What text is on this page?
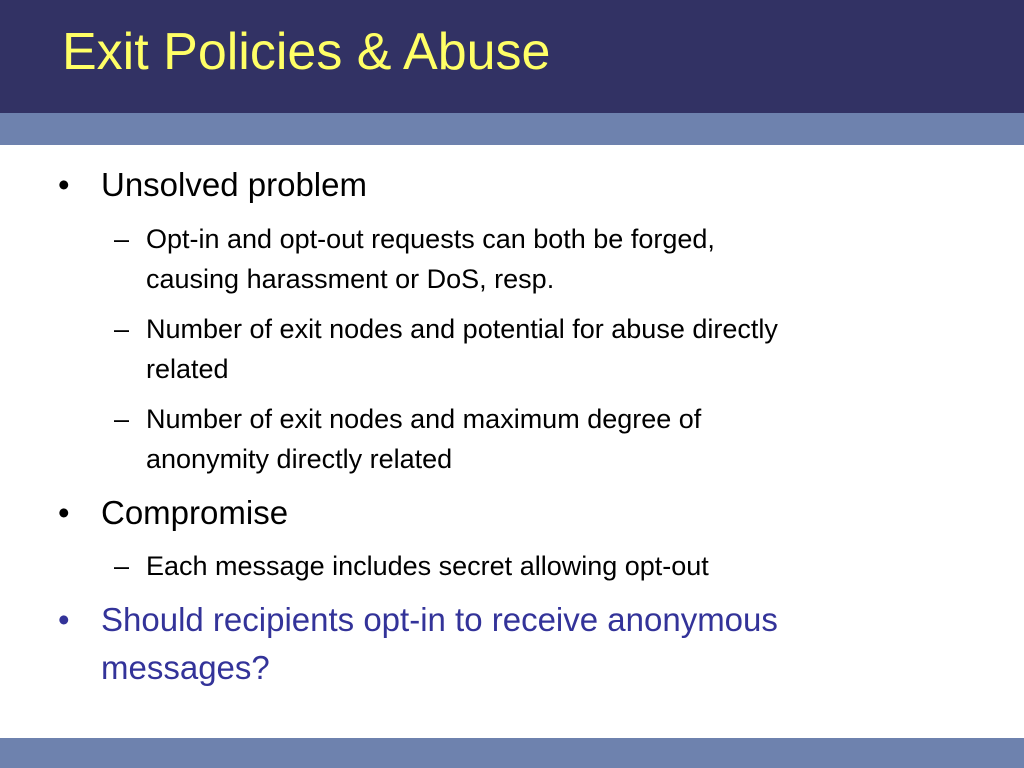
Exit Policies & Abuse
• Unsolved problem
– Opt-in and opt-out requests can both be forged,
causing harassment or DoS, resp.
– Number of exit nodes and potential for abuse directly
related
– Number of exit nodes and maximum degree of
anonymity directly related
• Compromise
– Each message includes secret allowing opt-out
• Should recipients opt-in to receive anonymous
messages?
